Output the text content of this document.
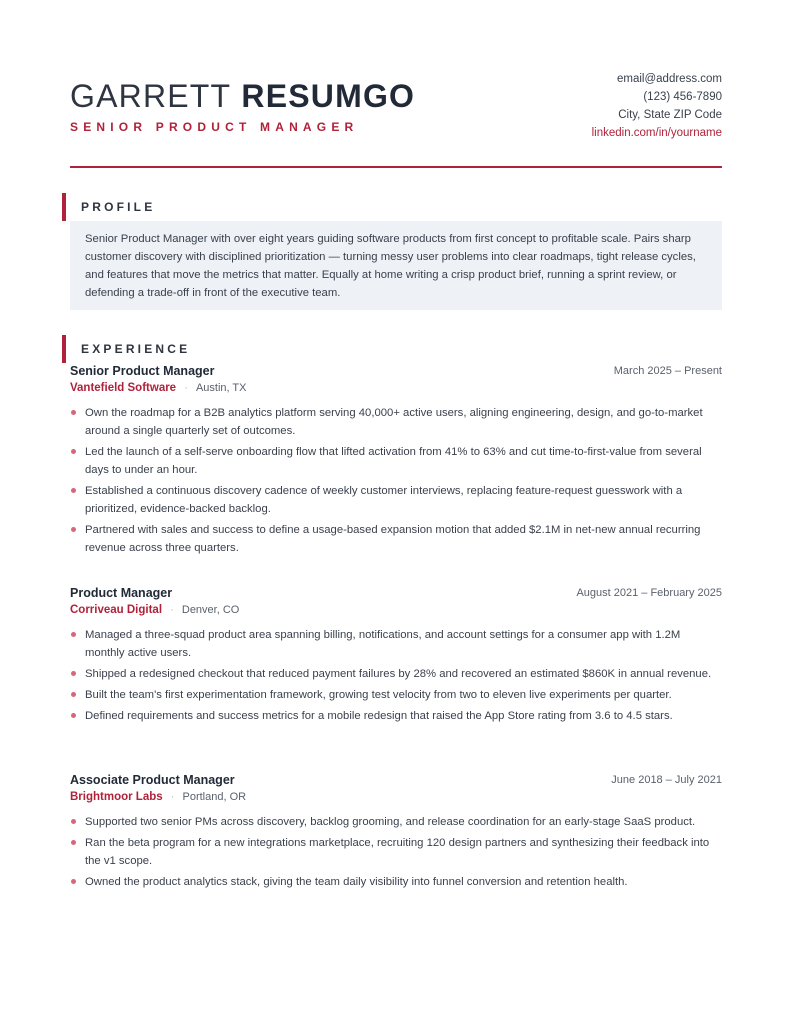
GARRETT RESUMGO
SENIOR PRODUCT MANAGER
email@address.com
(123) 456-7890
City, State ZIP Code
linkedin.com/in/yourname
PROFILE
Senior Product Manager with over eight years guiding software products from first concept to profitable scale. Pairs sharp customer discovery with disciplined prioritization — turning messy user problems into clear roadmaps, tight release cycles, and features that move the metrics that matter. Equally at home writing a crisp product brief, running a sprint review, or defending a trade-off in front of the executive team.
EXPERIENCE
Senior Product Manager	March 2025 – Present
Vantefield Software · Austin, TX
Own the roadmap for a B2B analytics platform serving 40,000+ active users, aligning engineering, design, and go-to-market around a single quarterly set of outcomes.
Led the launch of a self-serve onboarding flow that lifted activation from 41% to 63% and cut time-to-first-value from several days to under an hour.
Established a continuous discovery cadence of weekly customer interviews, replacing feature-request guesswork with a prioritized, evidence-backed backlog.
Partnered with sales and success to define a usage-based expansion motion that added $2.1M in net-new annual recurring revenue across three quarters.
Product Manager	August 2021 – February 2025
Corriveau Digital · Denver, CO
Managed a three-squad product area spanning billing, notifications, and account settings for a consumer app with 1.2M monthly active users.
Shipped a redesigned checkout that reduced payment failures by 28% and recovered an estimated $860K in annual revenue.
Built the team's first experimentation framework, growing test velocity from two to eleven live experiments per quarter.
Defined requirements and success metrics for a mobile redesign that raised the App Store rating from 3.6 to 4.5 stars.
Associate Product Manager	June 2018 – July 2021
Brightmoor Labs · Portland, OR
Supported two senior PMs across discovery, backlog grooming, and release coordination for an early-stage SaaS product.
Ran the beta program for a new integrations marketplace, recruiting 120 design partners and synthesizing their feedback into the v1 scope.
Owned the product analytics stack, giving the team daily visibility into funnel conversion and retention health.
